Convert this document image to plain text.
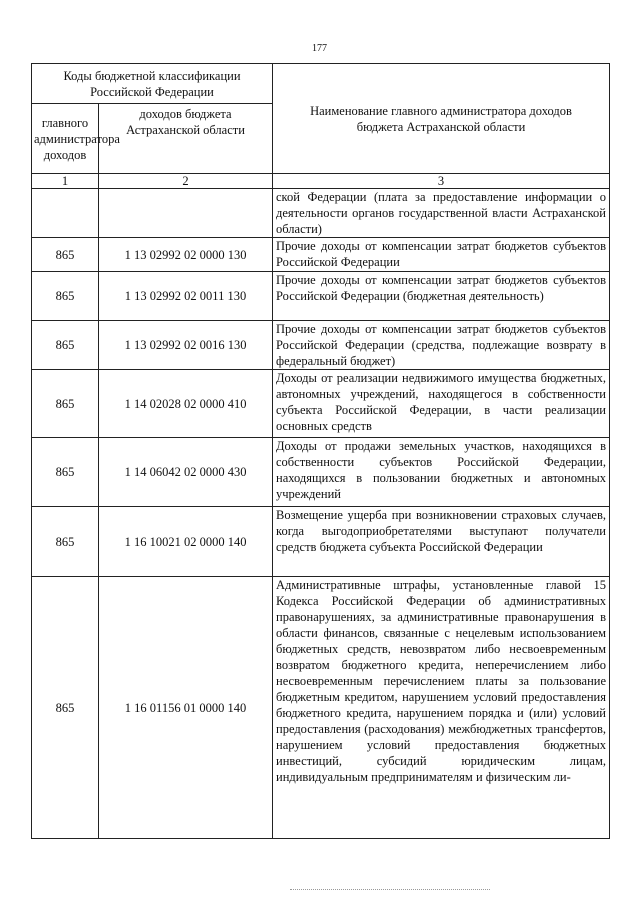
177
Коды бюджетной классификации Российской Федерации		Наименование главного администратора доходов бюджета Астраханской области
главного администратора доходов	доходов бюджета Астраханской области	
1	2	3
		ской Федерации (плата за предоставление информации о деятельности органов государственной власти Астраханской области)
865	1 13 02992 02 0000 130	Прочие доходы от компенсации затрат бюджетов субъектов Российской Федерации
865	1 13 02992 02 0011 130	Прочие доходы от компенсации затрат бюджетов субъектов Российской Федерации (бюджетная деятельность)
865	1 13 02992 02 0016 130	Прочие доходы от компенсации затрат бюджетов субъектов Российской Федерации (средства, подлежащие возврату в федеральный бюджет)
865	1 14 02028 02 0000 410	Доходы от реализации недвижимого имущества бюджетных, автономных учреждений, находящегося в собственности субъекта Российской Федерации, в части реализации основных средств
865	1 14 06042 02 0000 430	Доходы от продажи земельных участков, находящихся в собственности субъектов Российской Федерации, находящихся в пользовании бюджетных и автономных учреждений
865	1 16 10021 02 0000 140	Возмещение ущерба при возникновении страховых случаев, когда выгодоприобретателями выступают получатели средств бюджета субъекта Российской Федерации
865	1 16 01156 01 0000 140	Административные штрафы, установленные главой 15 Кодекса Российской Федерации об административных правонарушениях, за административные правонарушения в области финансов, связанные с нецелевым использованием бюджетных средств, невозвратом либо несвоевременным возвратом бюджетного кредита, неперечислением либо несвоевременным перечислением платы за пользование бюджетным кредитом, нарушением условий предоставления бюджетного кредита, нарушением порядка и (или) условий предоставления (расходования) межбюджетных трансфертов, нарушением условий предоставления бюджетных инвестиций, субсидий юридическим лицам, индивидуальным предпринимателям и физическим ли-
